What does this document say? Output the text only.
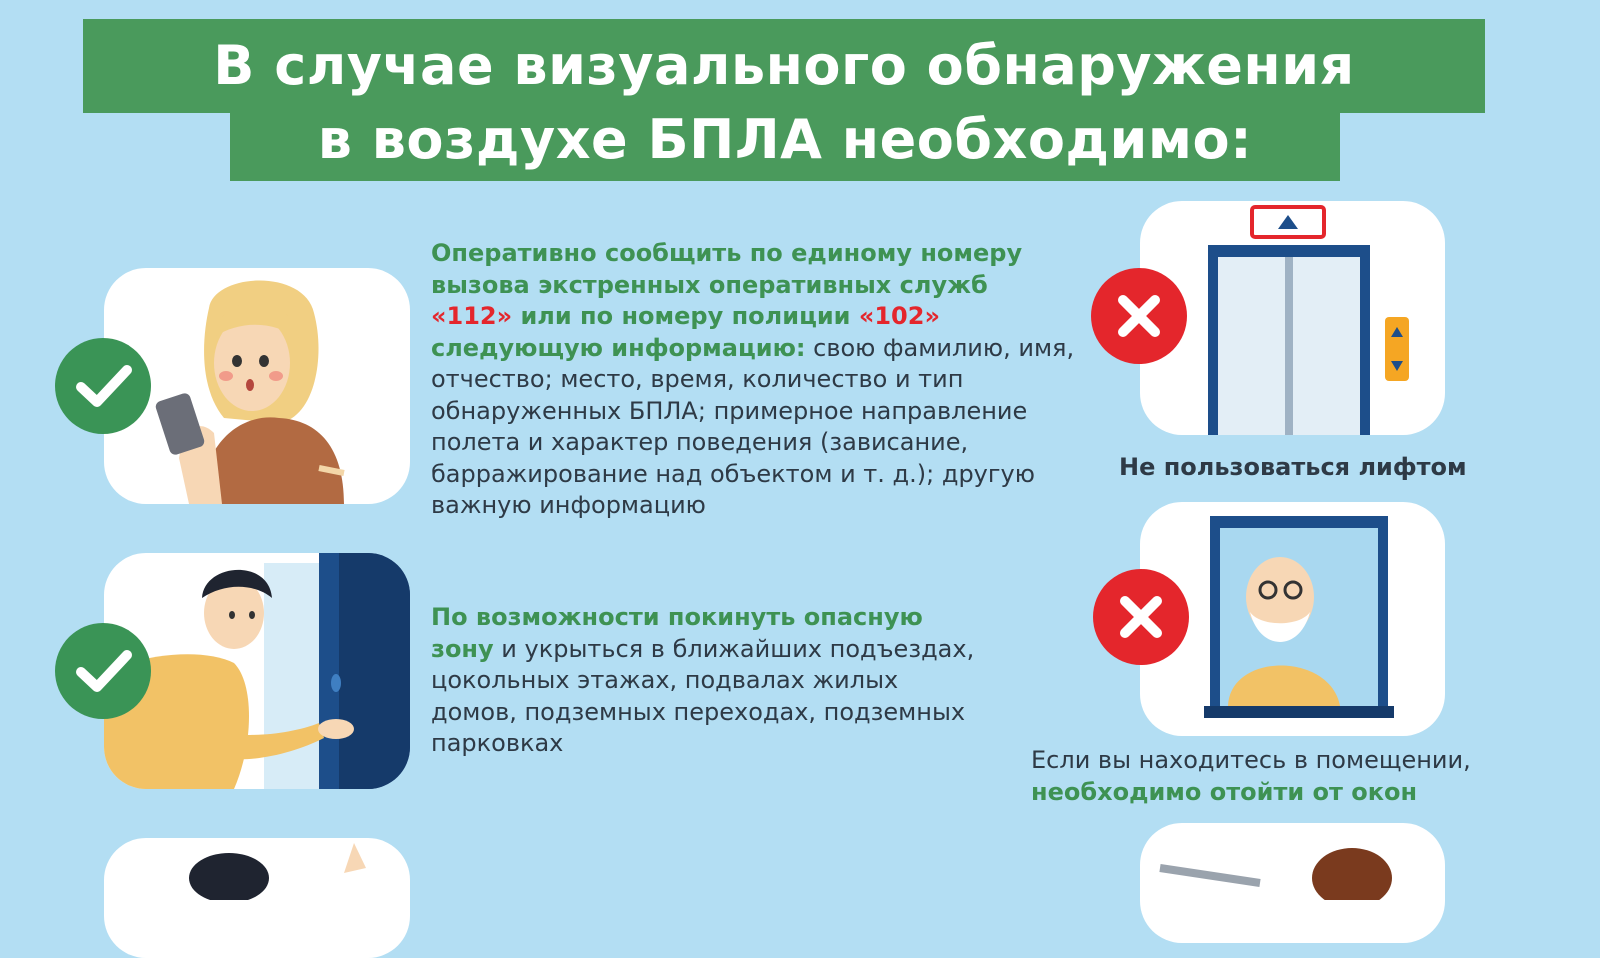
В случае визуального обнаружения
в воздухе БПЛА необходимо:
Оперативно сообщить по единому номеру вызова экстренных оперативных служб «112» или по номеру полиции «102» следующую информацию: свою фамилию, имя, отчество; место, время, количество и тип обнаруженных БПЛА; примерное направление полета и характер поведения (зависание, барражирование над объектом и т. д.); другую важную информацию
По возможности покинуть опасную зону и укрыться в ближайших подъездах, цокольных этажах, подвалах жилых домов, подземных переходах, подземных парковках
Не пользоваться лифтом
Если вы находитесь в помещении,
необходимо отойти от окон
